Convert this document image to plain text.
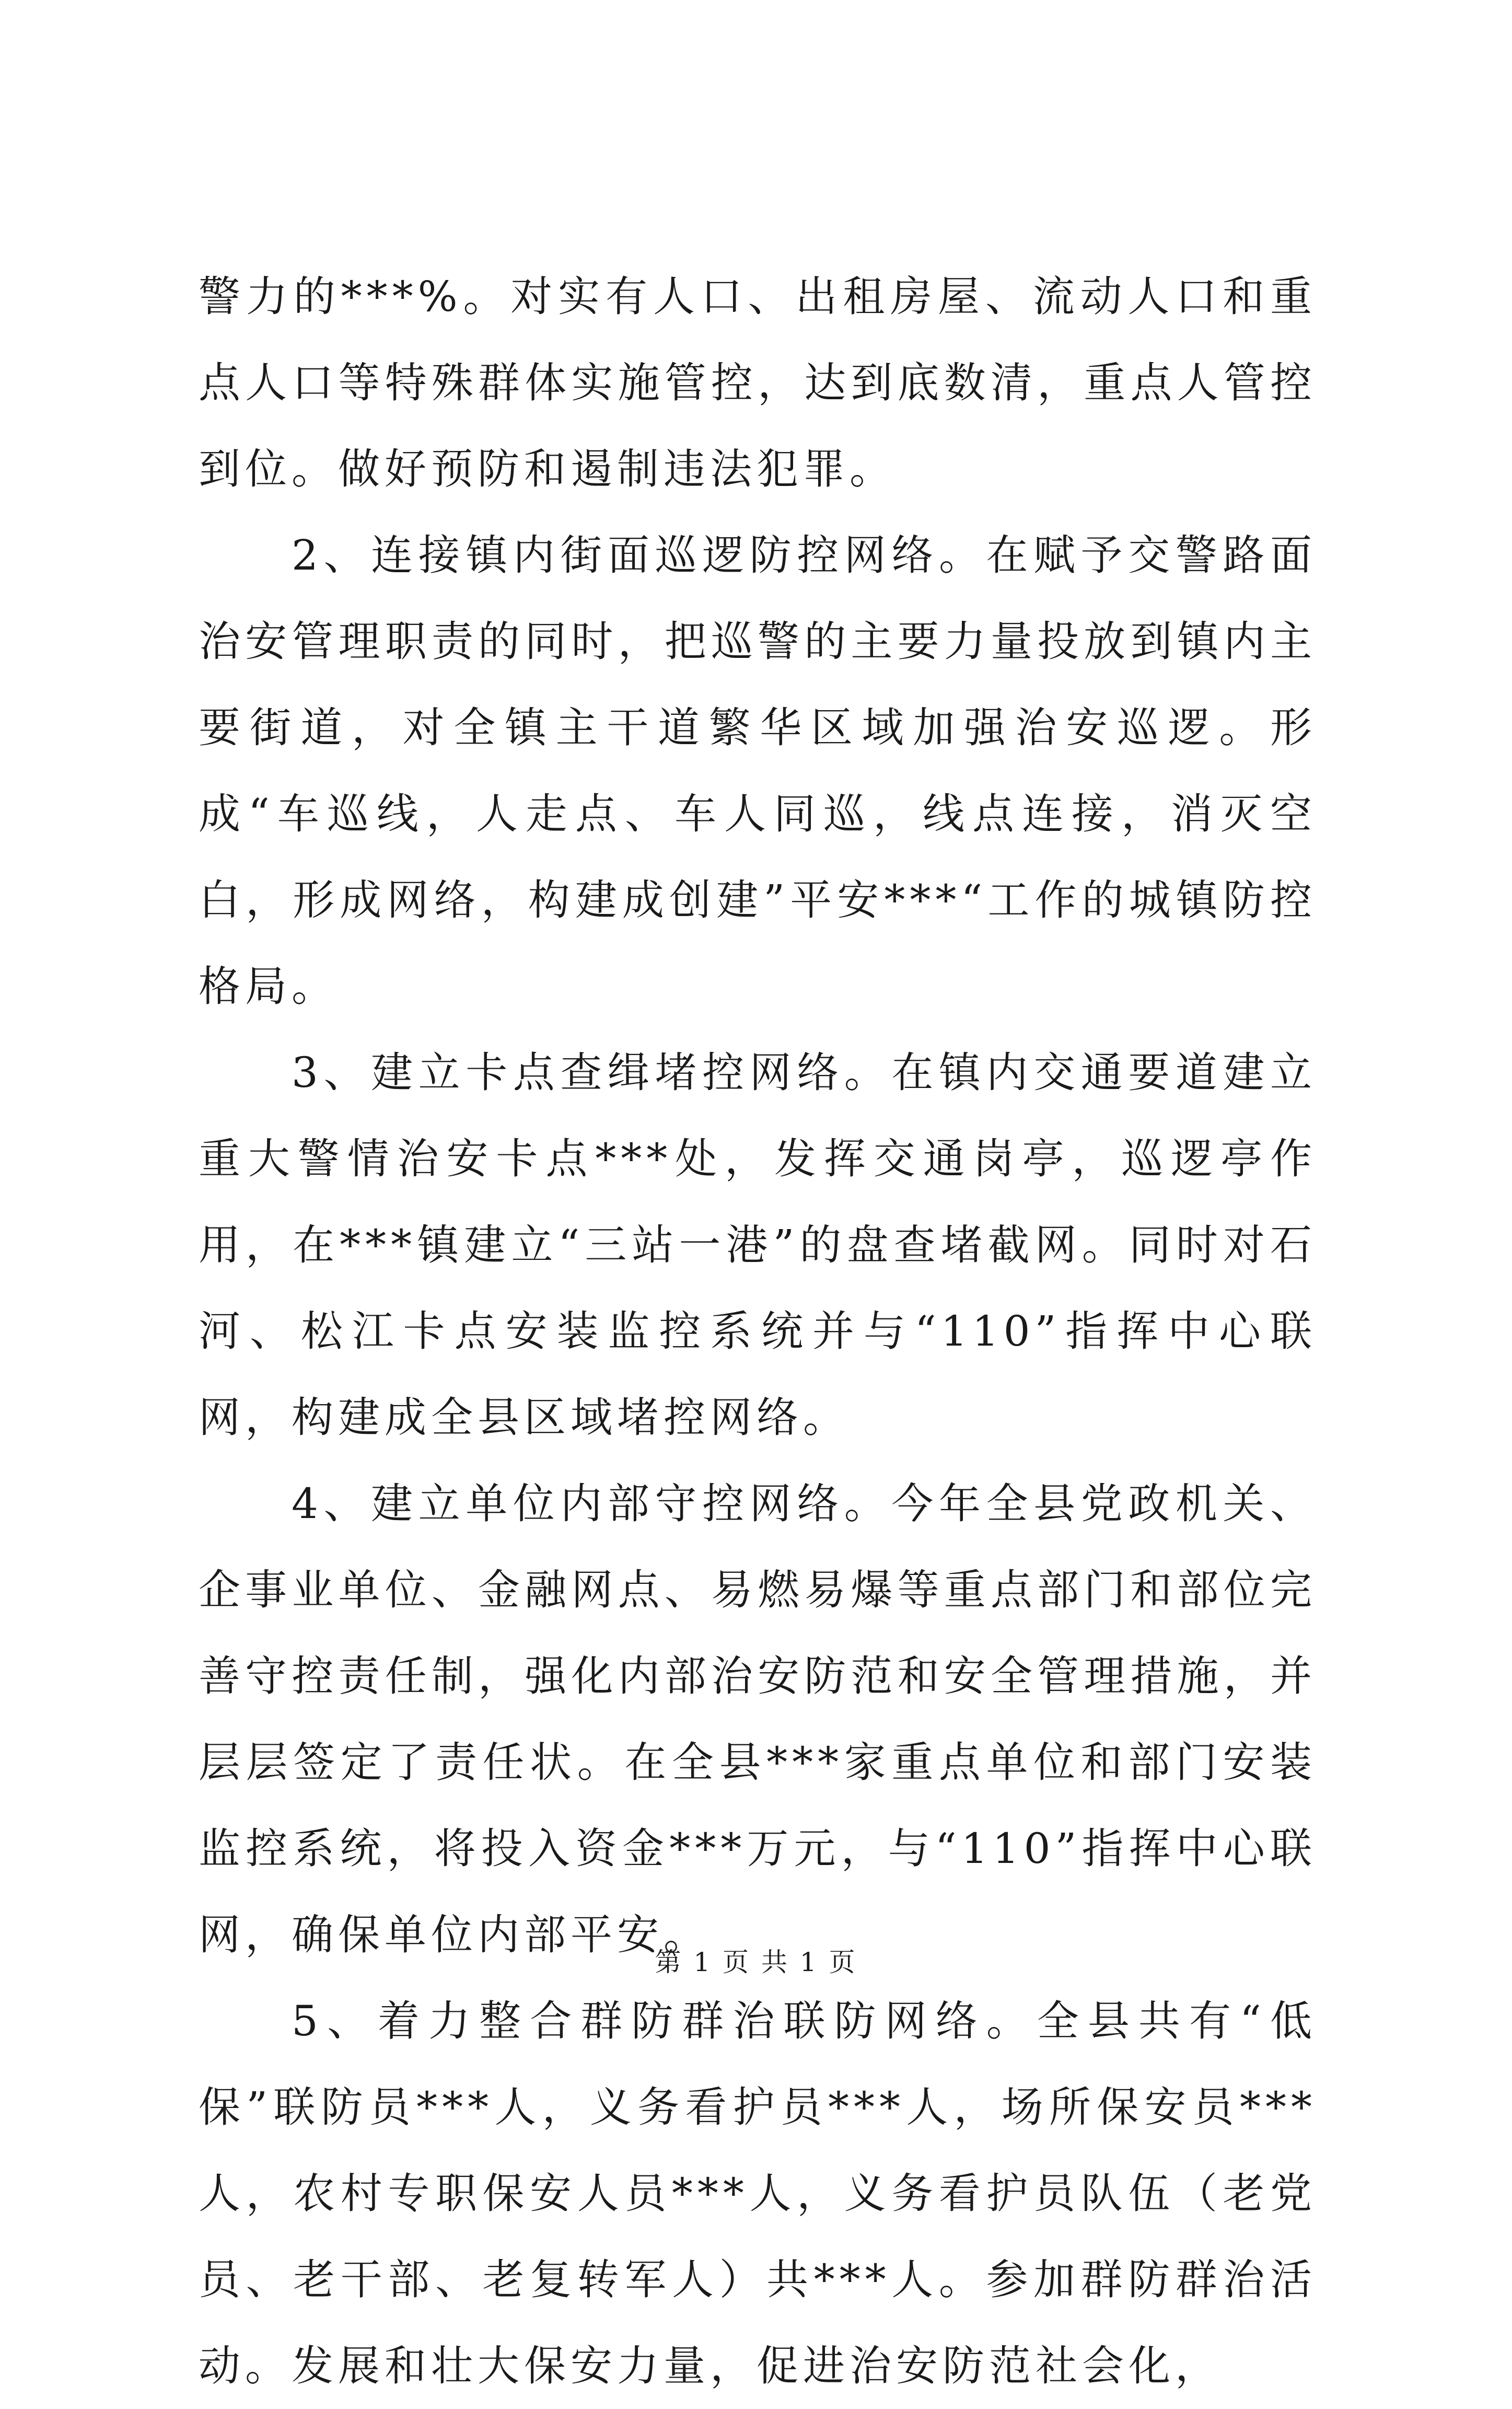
警力的***%。对实有人口、出租房屋、流动人口和重点人口等特殊群体实施管控，达到底数清，重点人管控到位。做好预防和遏制违法犯罪。

2、连接镇内街面巡逻防控网络。在赋予交警路面治安管理职责的同时，把巡警的主要力量投放到镇内主要街道，对全镇主干道繁华区域加强治安巡逻。形成“车巡线，人走点、车人同巡，线点连接，消灭空白，形成网络，构建成创建”平安***“工作的城镇防控格局。

3、建立卡点查缉堵控网络。在镇内交通要道建立重大警情治安卡点***处，发挥交通岗亭，巡逻亭作用，在***镇建立“三站一港”的盘查堵截网。同时对石河、松江卡点安装监控系统并与“110”指挥中心联网，构建成全县区域堵控网络。

4、建立单位内部守控网络。今年全县党政机关、企事业单位、金融网点、易燃易爆等重点部门和部位完善守控责任制，强化内部治安防范和安全管理措施，并层层签定了责任状。在全县***家重点单位和部门安装监控系统，将投入资金***万元，与“110”指挥中心联网，确保单位内部平安。

5、着力整合群防群治联防网络。全县共有“低保”联防员***人，义务看护员***人，场所保安员***人，农村专职保安人员***人，义务看护员队伍（老党员、老干部、老复转军人）共***人。参加群防群治活动。发展和壮大保安力量，促进治安防范社会化，

第 1 页 共 1 页
